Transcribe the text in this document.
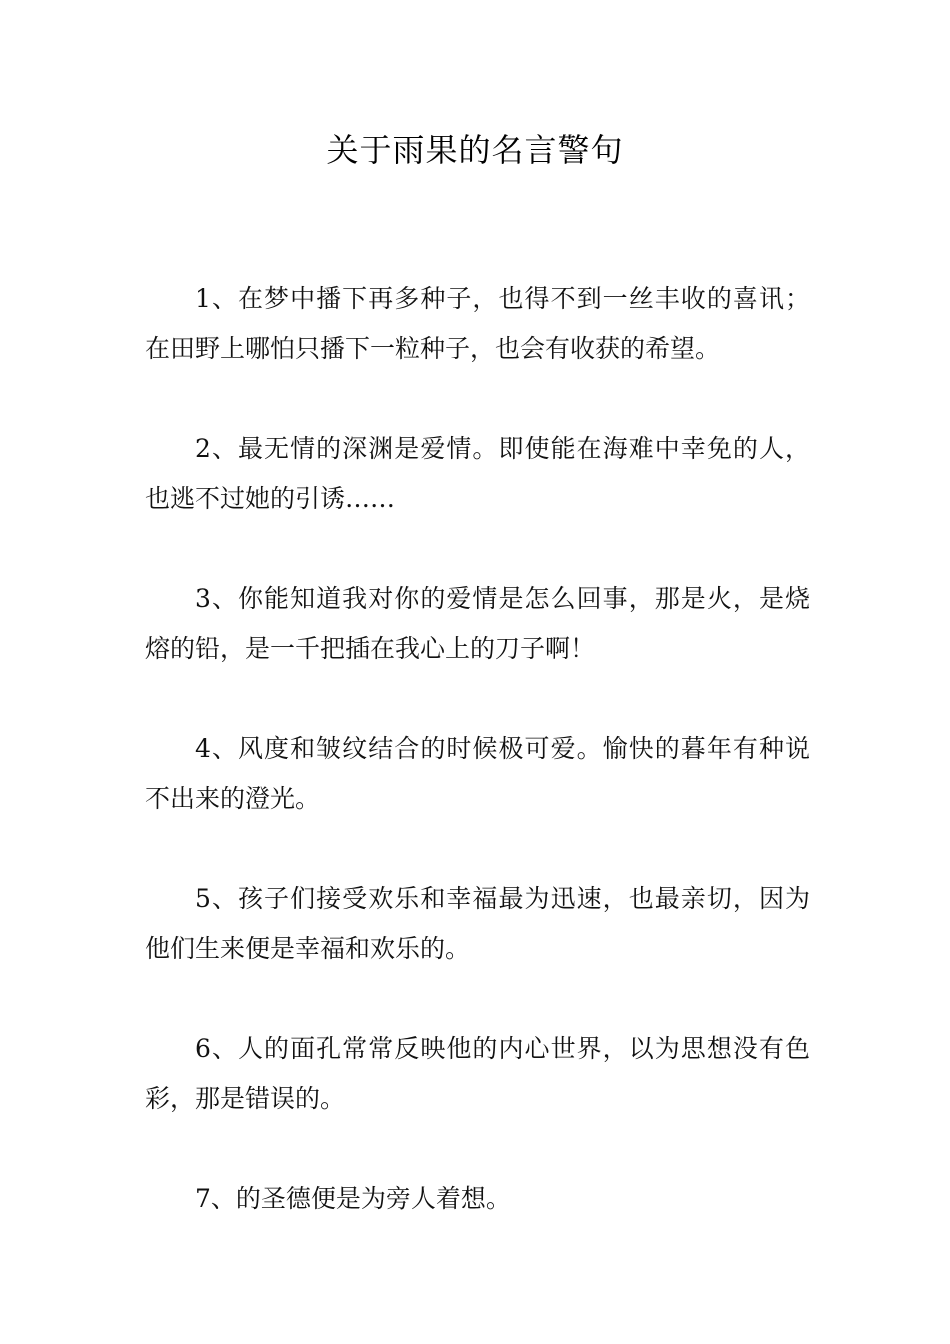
关于雨果的名言警句

1、在梦中播下再多种子，也得不到一丝丰收的喜讯；在田野上哪怕只播下一粒种子，也会有收获的希望。

2、最无情的深渊是爱情。即使能在海难中幸免的人，也逃不过她的引诱……

3、你能知道我对你的爱情是怎么回事，那是火，是烧熔的铅，是一千把插在我心上的刀子啊！

4、风度和皱纹结合的时候极可爱。愉快的暮年有种说不出来的澄光。

5、孩子们接受欢乐和幸福最为迅速，也最亲切，因为他们生来便是幸福和欢乐的。

6、人的面孔常常反映他的内心世界，以为思想没有色彩，那是错误的。

7、的圣德便是为旁人着想。
